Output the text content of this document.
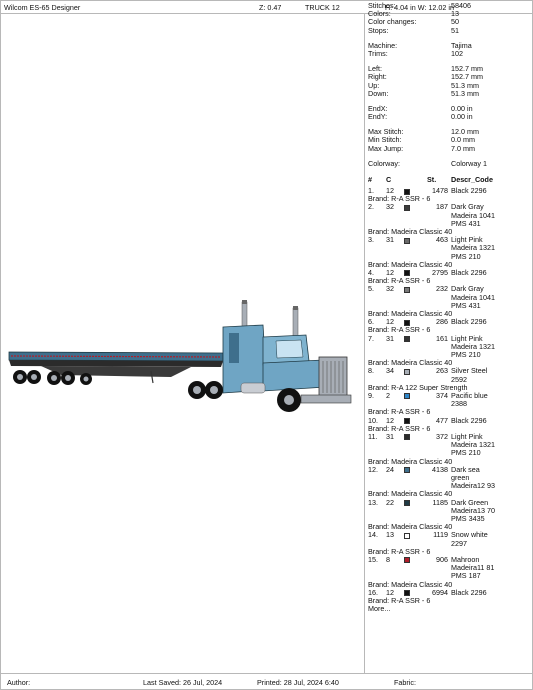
Wilcom ES-65 Designer	Z: 0.47	TRUCK 12	H: 4.04 in W: 12.02 in
Stitches:	58406
Colors:	13
Color changes:	50
Stops:	51
Machine:	Tajima
Trims:	102
Left:	152.7 mm
Right:	152.7 mm
Up:	51.3 mm
Down:	51.3 mm
EndX:	0.00 in
EndY:	0.00 in
Max Stitch:	12.0 mm
Min Stitch:	0.0 mm
Max Jump:	7.0 mm
Colorway:	Colorway 1
# C	St. Descr_Code
1. 12	1478 Black 2296
Brand: R-A SSR - 6
2. 32	187 Dark Gray
Madeira 1041
PMS 431
Brand: Madeira Classic 40
3. 31	463 Light Pink
Madeira 1321
PMS 210
Brand: Madeira Classic 40
4. 12	2795 Black 2296
Brand: R-A SSR - 6
5. 32	232 Dark Gray
Madeira 1041
PMS 431
Brand: Madeira Classic 40
6. 12	286 Black 2296
Brand: R-A SSR - 6
7. 31	161 Light Pink
Madeira 1321
PMS 210
Brand: Madeira Classic 40
8. 34	263 Silver Steel
2592
Brand: R-A 122 Super Strength
9. 2	374 Pacific blue
2388
Brand: R-A SSR - 6
10. 12	477 Black 2296
Brand: R-A SSR - 6
11. 31	372 Light Pink
Madeira 1321
PMS 210
Brand: Madeira Classic 40
12. 24	4138 Dark sea
green
Madeira12 93
Brand: Madeira Classic 40
13. 22	1185 Dark Green
Madeira13 70
PMS 3435
Brand: Madeira Classic 40
14. 13	1119 Snow white
2297
Brand: R-A SSR - 6
15. 8	906 Mahroon
Madeira11 81
PMS 187
Brand: Madeira Classic 40
16. 12	6994 Black 2296
Brand: R-A SSR - 6
More...
Author:	Last Saved: 26 Jul, 2024	Printed: 28 Jul, 2024 6:40	Fabric:
